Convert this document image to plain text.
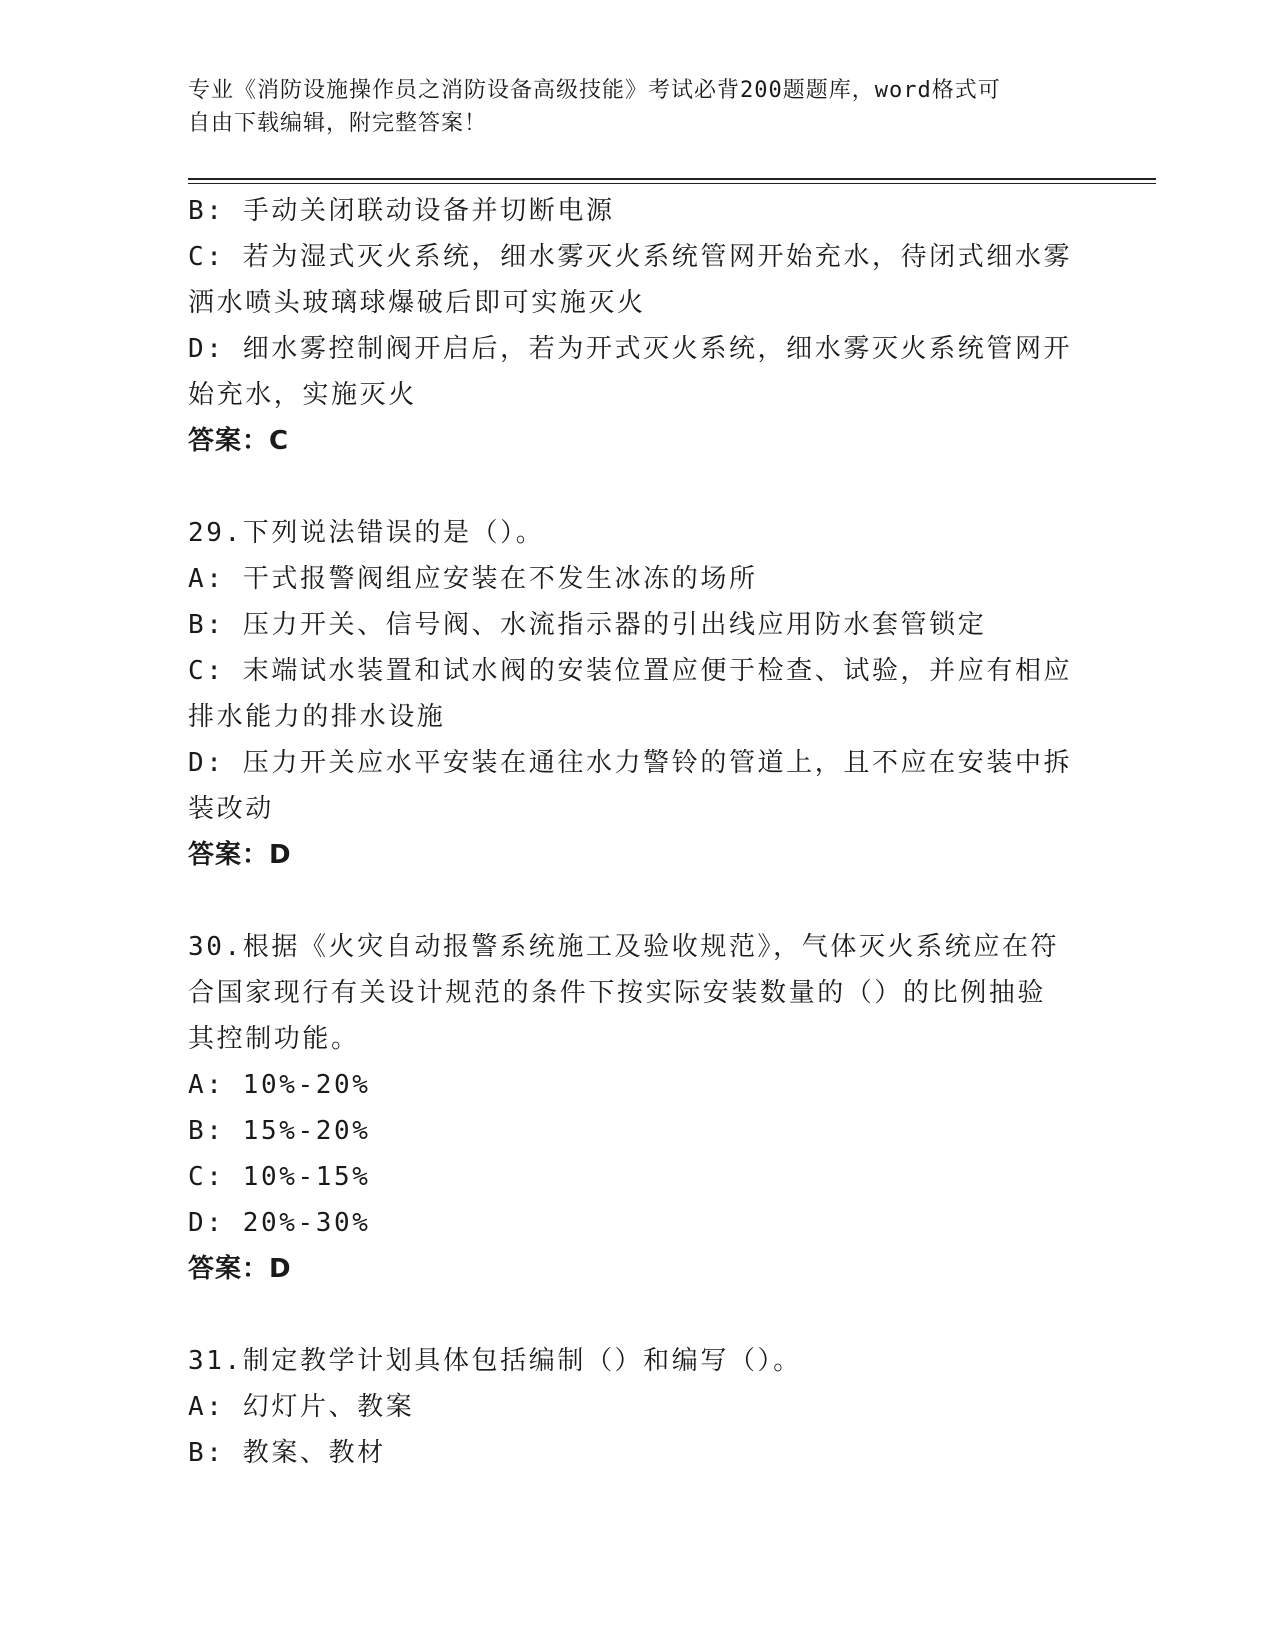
专业《消防设施操作员之消防设备高级技能》考试必背200题题库，word格式可
自由下载编辑，附完整答案！
B: 手动关闭联动设备并切断电源
C: 若为湿式灭火系统，细水雾灭火系统管网开始充水，待闭式细水雾
洒水喷头玻璃球爆破后即可实施灭火
D: 细水雾控制阀开启后，若为开式灭火系统，细水雾灭火系统管网开
始充水，实施灭火
答案：C
29.下列说法错误的是（）。
A: 干式报警阀组应安装在不发生冰冻的场所
B: 压力开关、信号阀、水流指示器的引出线应用防水套管锁定
C: 末端试水装置和试水阀的安装位置应便于检查、试验，并应有相应
排水能力的排水设施
D: 压力开关应水平安装在通往水力警铃的管道上，且不应在安装中拆
装改动
答案：D
30.根据《火灾自动报警系统施工及验收规范》，气体灭火系统应在符
合国家现行有关设计规范的条件下按实际安装数量的（）的比例抽验
其控制功能。
A: 10%-20%
B: 15%-20%
C: 10%-15%
D: 20%-30%
答案：D
31.制定教学计划具体包括编制（）和编写（）。
A: 幻灯片、教案
B: 教案、教材
